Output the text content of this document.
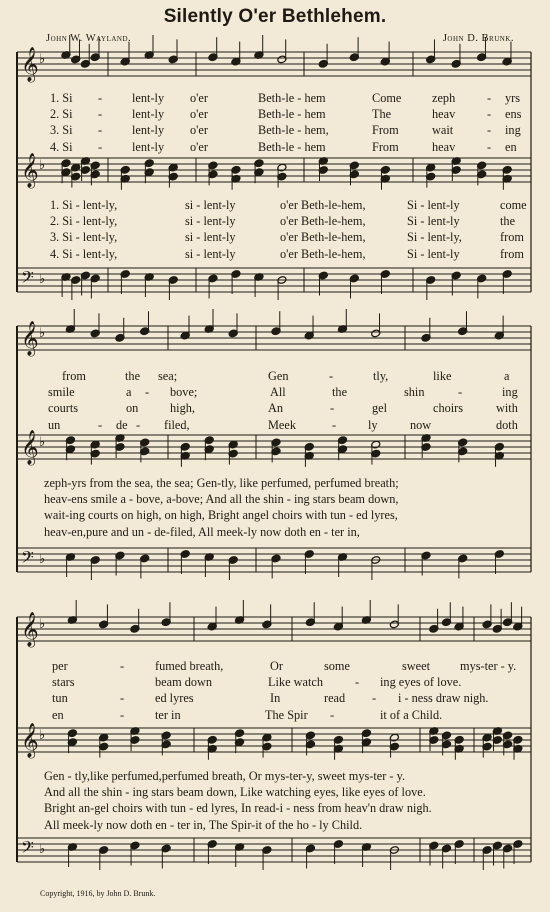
Silently O'er Bethlehem.
John W. Wayland.	John D. Brunk.
𝄞 ♭
𝄞 ♭
𝄢 ♭
𝄞 ♭
𝄞 ♭
𝄢 ♭
𝄞 ♭
𝄞 ♭
𝄢 ♭
1. Si - lent-ly o'er	Beth-le - hem	Come zeph	- yrs
2. Si - lent-ly o'er	Beth-le - hem	The	heav	- ens
3. Si - lent-ly o'er	Beth-le - hem,	From	wait	- ing
4. Si - lent-ly o'er	Beth-le - hem	From	heav	- en
1. Si - lent-ly,	si - lent-ly	o'er Beth-le-hem,	Si - lent-ly	come
2. Si - lent-ly,	si - lent-ly	o'er Beth-le-hem,	Si - lent-ly	the
3. Si - lent-ly,	si - lent-ly	o'er Beth-le-hem,	Si - lent-ly,	from
4. Si - lent-ly,	si - lent-ly	o'er Beth-le-hem,	Si - lent-ly	from
from	the sea;	Gen	-	tly,	like	a
smile	a - bove;	All	the	shin	-	ing
courts	on	high,	An	-	gel	choirs	with
un	- de - filed,	Meek	-	ly	now	doth
zeph-yrs from the sea, the sea; Gen-tly, like perfumed, perfumed breath;
heav-ens smile a - bove, a-bove; And all the shin - ing stars beam down,
wait-ing courts on high, on high, Bright angel choirs with tun - ed lyres,
heav-en,pure and un - de-filed, All meek-ly now doth en - ter in,
per	-	fumed breath,	Or	some	sweet mys-ter - y.
stars	beam down	Like watch	- ing eyes of love.
tun	-	ed lyres	In	read - i - ness draw nigh.
en	-	ter in	The Spir -	it of a Child.
Gen - tly,like perfumed,perfumed breath, Or mys-ter-y, sweet mys-ter - y.
And all the shin - ing stars beam down, Like watching eyes, like eyes of love.
Bright an-gel choirs with tun - ed lyres, In read-i - ness from heav'n draw nigh.
All meek-ly now doth en - ter in, The Spir-it of the ho - ly Child.
Copyright, 1916, by John D. Brunk.
